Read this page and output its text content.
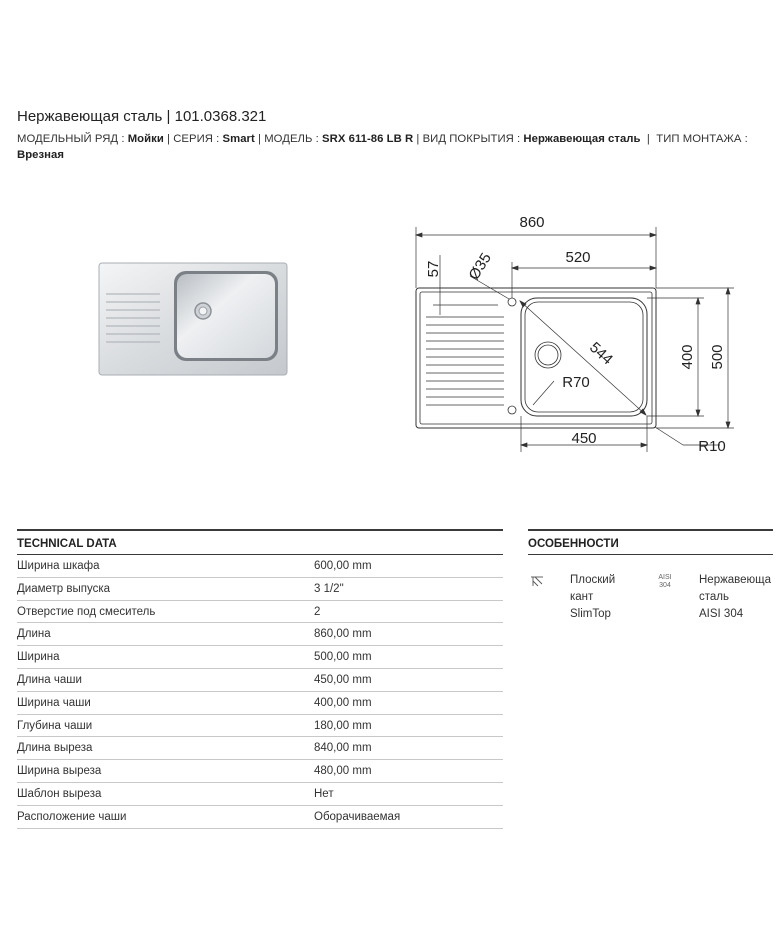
Нержавеющая сталь | 101.0368.321
МОДЕЛЬНЫЙ РЯД : Мойки | СЕРИЯ : Smart | МОДЕЛЬ : SRX 611-86 LB R | ВИД ПОКРЫТИЯ : Нержавеющая сталь  |  ТИП МОНТАЖА : Врезная
860
520
57 Ø35
544
R70
450
400 500
R10
TECHNICAL DATA
Ширина шкафа	600,00 mm
Диаметр выпуска	3 1/2"
Отверстие под смеситель	2
Длина	860,00 mm
Ширина	500,00 mm
Длина чаши	450,00 mm
Ширина чаши	400,00 mm
Глубина чаши	180,00 mm
Длина выреза	840,00 mm
Ширина выреза	480,00 mm
Шаблон выреза	Нет
Расположение чаши	Оборачиваемая
ОСОБЕННОСТИ
Плоский
кант
SlimTop
AISI
304 Нержавеюща
сталь
AISI 304
